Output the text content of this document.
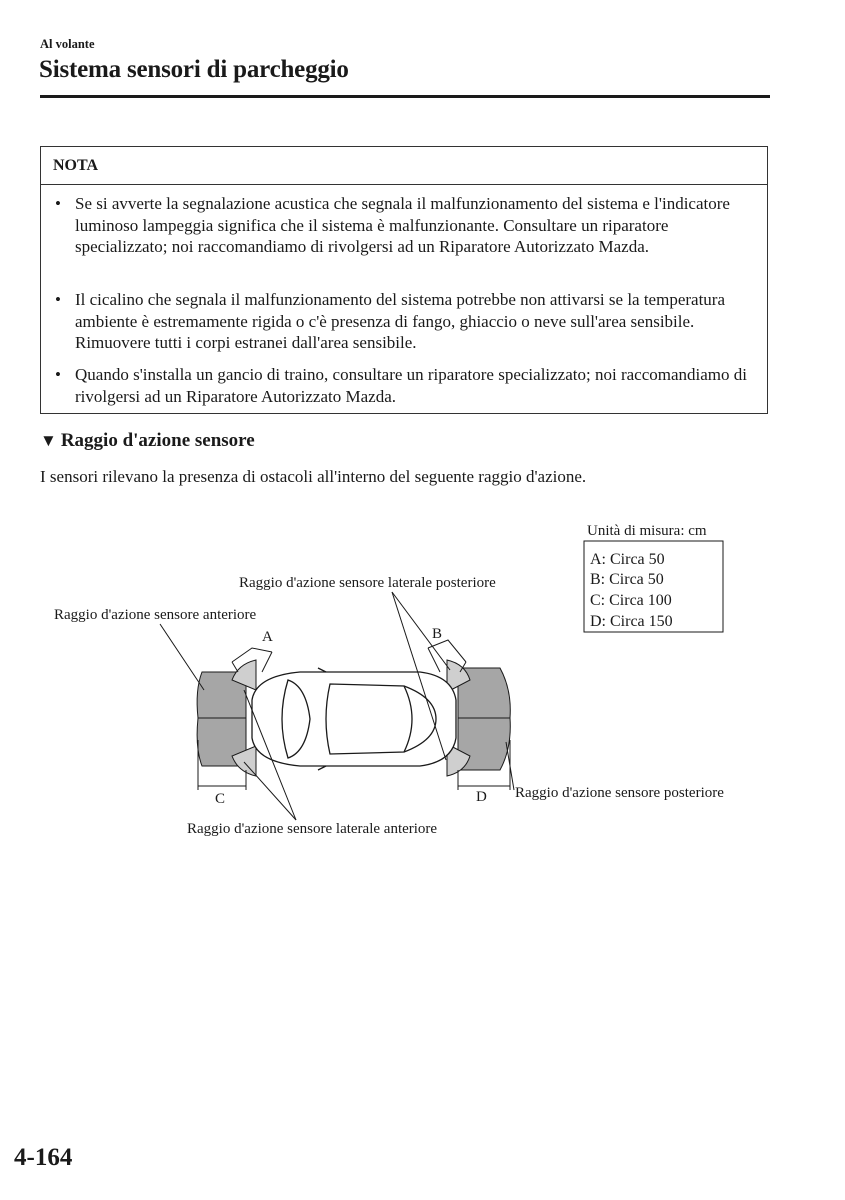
Al volante
Sistema sensori di parcheggio
NOTA
• Se si avverte la segnalazione acustica che segnala il malfunzionamento del sistema e l'indicatore luminoso lampeggia significa che il sistema è malfunzionante. Consultare un riparatore specializzato; noi raccomandiamo di rivolgersi ad un Riparatore Autorizzato Mazda.
• Il cicalino che segnala il malfunzionamento del sistema potrebbe non attivarsi se la temperatura ambiente è estremamente rigida o c'è presenza di fango, ghiaccio o neve sull'area sensibile. Rimuovere tutti i corpi estranei dall'area sensibile.
• Quando s'installa un gancio di traino, consultare un riparatore specializzato; noi raccomandiamo di rivolgersi ad un Riparatore Autorizzato Mazda.
▼ Raggio d'azione sensore

I sensori rilevano la presenza di ostacoli all'interno del seguente raggio d'azione.

Unità di misura: cm
A: Circa 50
B: Circa 50
C: Circa 100
D: Circa 150
Raggio d'azione sensore laterale posteriore
Raggio d'azione sensore anteriore
Raggio d'azione sensore posteriore
Raggio d'azione sensore laterale anteriore
A	B
C	D
4-164
